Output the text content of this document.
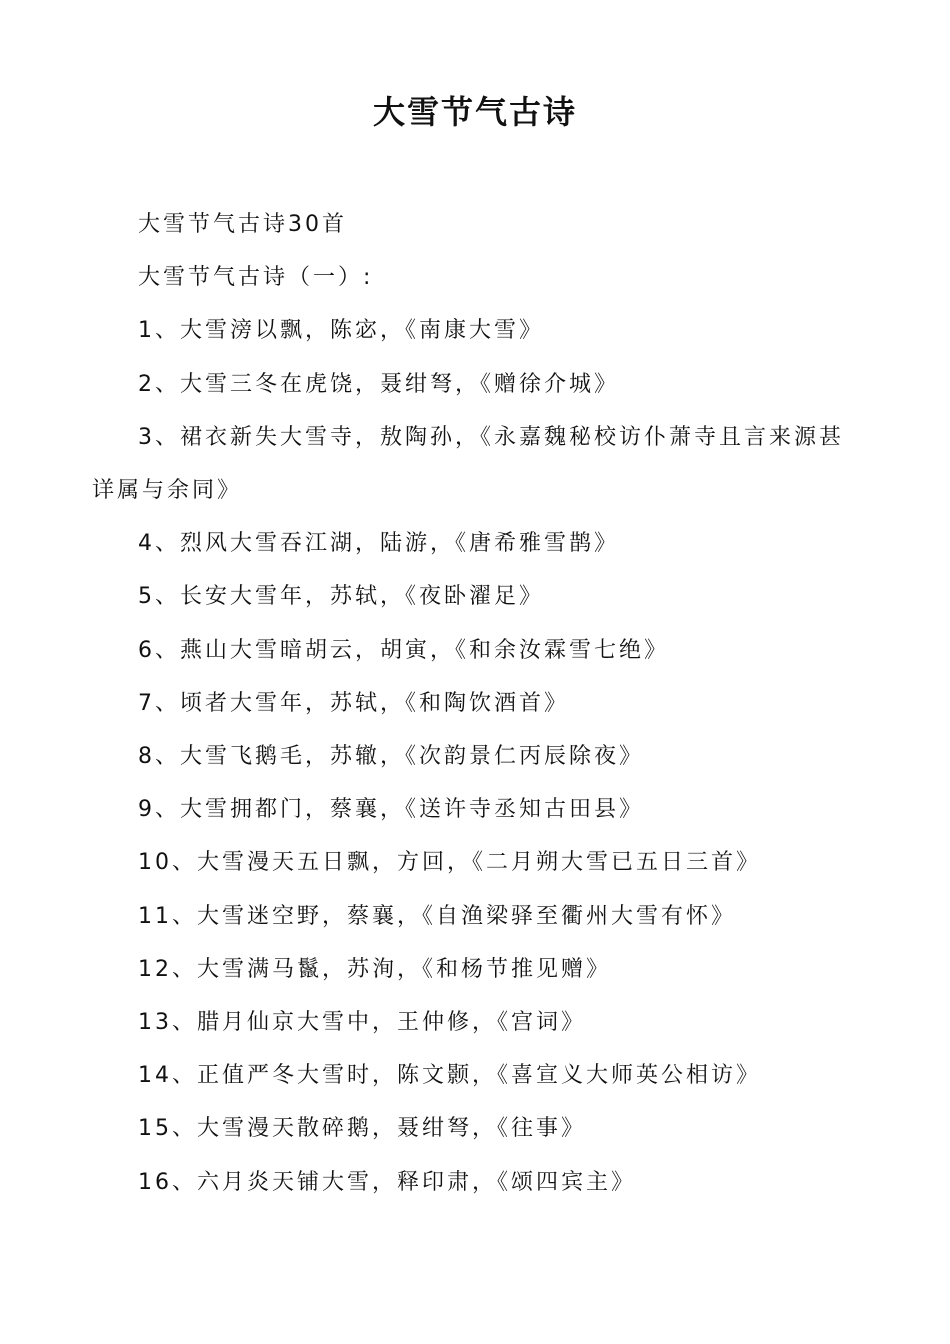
大雪节气古诗

大雪节气古诗30首

大雪节气古诗（一）:

1、大雪滂以飘，陈宓，《南康大雪》

2、大雪三冬在虎饶，聂绀弩，《赠徐介城》

3、裙衣新失大雪寺，敖陶孙，《永嘉魏秘校访仆萧寺且言来源甚详属与余同》

4、烈风大雪吞江湖，陆游，《唐希雅雪鹊》

5、长安大雪年，苏轼，《夜卧濯足》

6、燕山大雪暗胡云，胡寅，《和余汝霖雪七绝》

7、顷者大雪年，苏轼，《和陶饮酒首》

8、大雪飞鹅毛，苏辙，《次韵景仁丙辰除夜》

9、大雪拥都门，蔡襄，《送许寺丞知古田县》

10、大雪漫天五日飘，方回，《二月朔大雪已五日三首》

11、大雪迷空野，蔡襄，《自渔梁驿至衢州大雪有怀》

12、大雪满马鬣，苏洵，《和杨节推见赠》

13、腊月仙京大雪中，王仲修，《宫词》

14、正值严冬大雪时，陈文颢，《喜宣义大师英公相访》

15、大雪漫天散碎鹅，聂绀弩，《往事》

16、六月炎天铺大雪，释印肃，《颂四宾主》
